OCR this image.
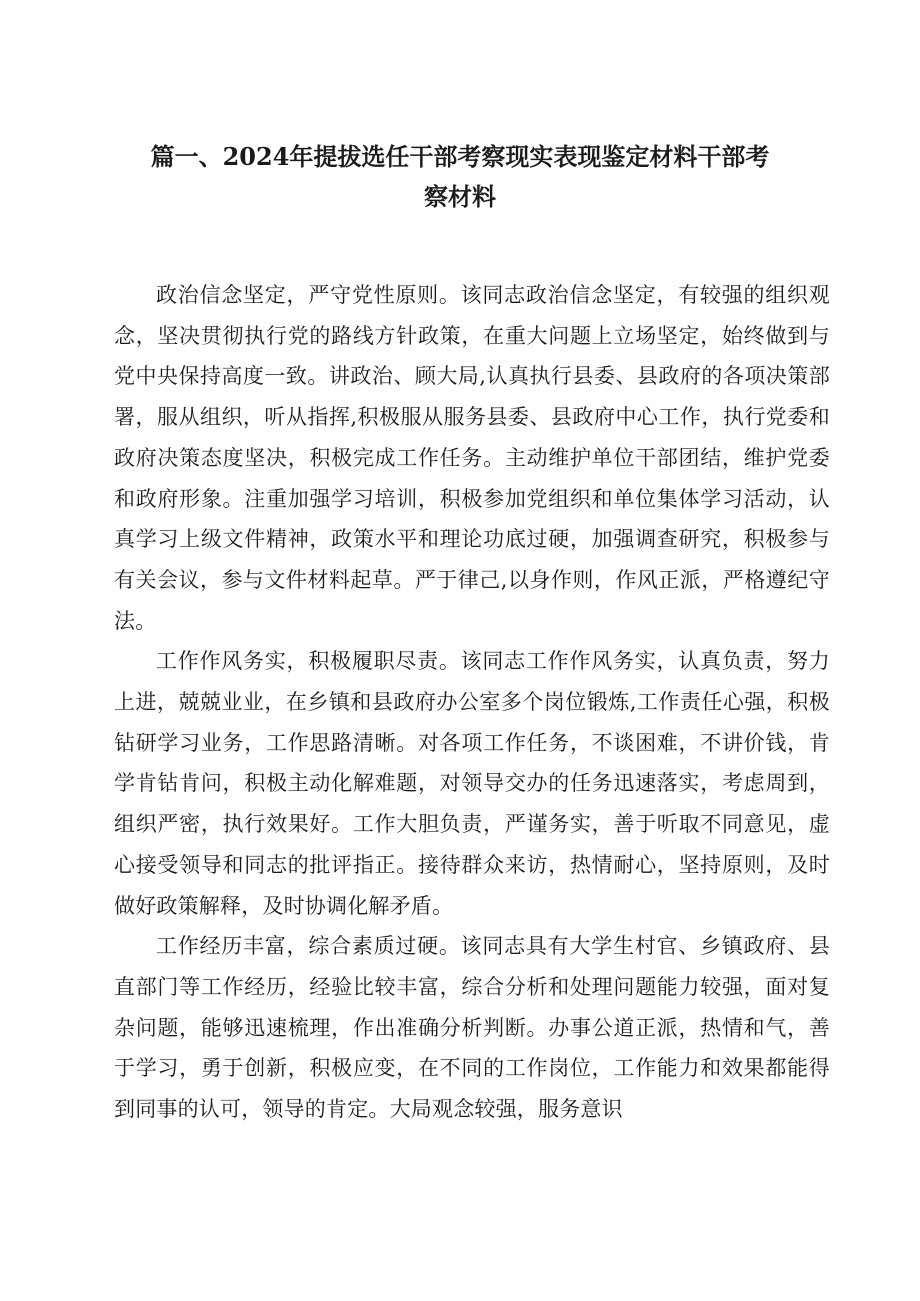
篇一、2024年提拔选任干部考察现实表现鉴定材料干部考
察材料

政治信念坚定，严守党性原则。该同志政治信念坚定，有较强的组织观念，坚决贯彻执行党的路线方针政策，在重大问题上立场坚定，始终做到与党中央保持高度一致。讲政治、顾大局,认真执行县委、县政府的各项决策部署，服从组织，听从指挥,积极服从服务县委、县政府中心工作，执行党委和政府决策态度坚决，积极完成工作任务。主动维护单位干部团结，维护党委和政府形象。注重加强学习培训，积极参加党组织和单位集体学习活动，认真学习上级文件精神，政策水平和理论功底过硬，加强调查研究，积极参与有关会议，参与文件材料起草。严于律己,以身作则，作风正派，严格遵纪守法。

工作作风务实，积极履职尽责。该同志工作作风务实，认真负责，努力上进，兢兢业业，在乡镇和县政府办公室多个岗位锻炼,工作责任心强，积极钻研学习业务，工作思路清晰。对各项工作任务，不谈困难，不讲价钱，肯学肯钻肯问，积极主动化解难题，对领导交办的任务迅速落实，考虑周到，组织严密，执行效果好。工作大胆负责，严谨务实，善于听取不同意见，虚心接受领导和同志的批评指正。接待群众来访，热情耐心，坚持原则，及时做好政策解释，及时协调化解矛盾。

工作经历丰富，综合素质过硬。该同志具有大学生村官、乡镇政府、县直部门等工作经历，经验比较丰富，综合分析和处理问题能力较强，面对复杂问题，能够迅速梳理，作出准确分析判断。办事公道正派，热情和气，善于学习，勇于创新，积极应变，在不同的工作岗位，工作能力和效果都能得到同事的认可，领导的肯定。大局观念较强，服务意识
